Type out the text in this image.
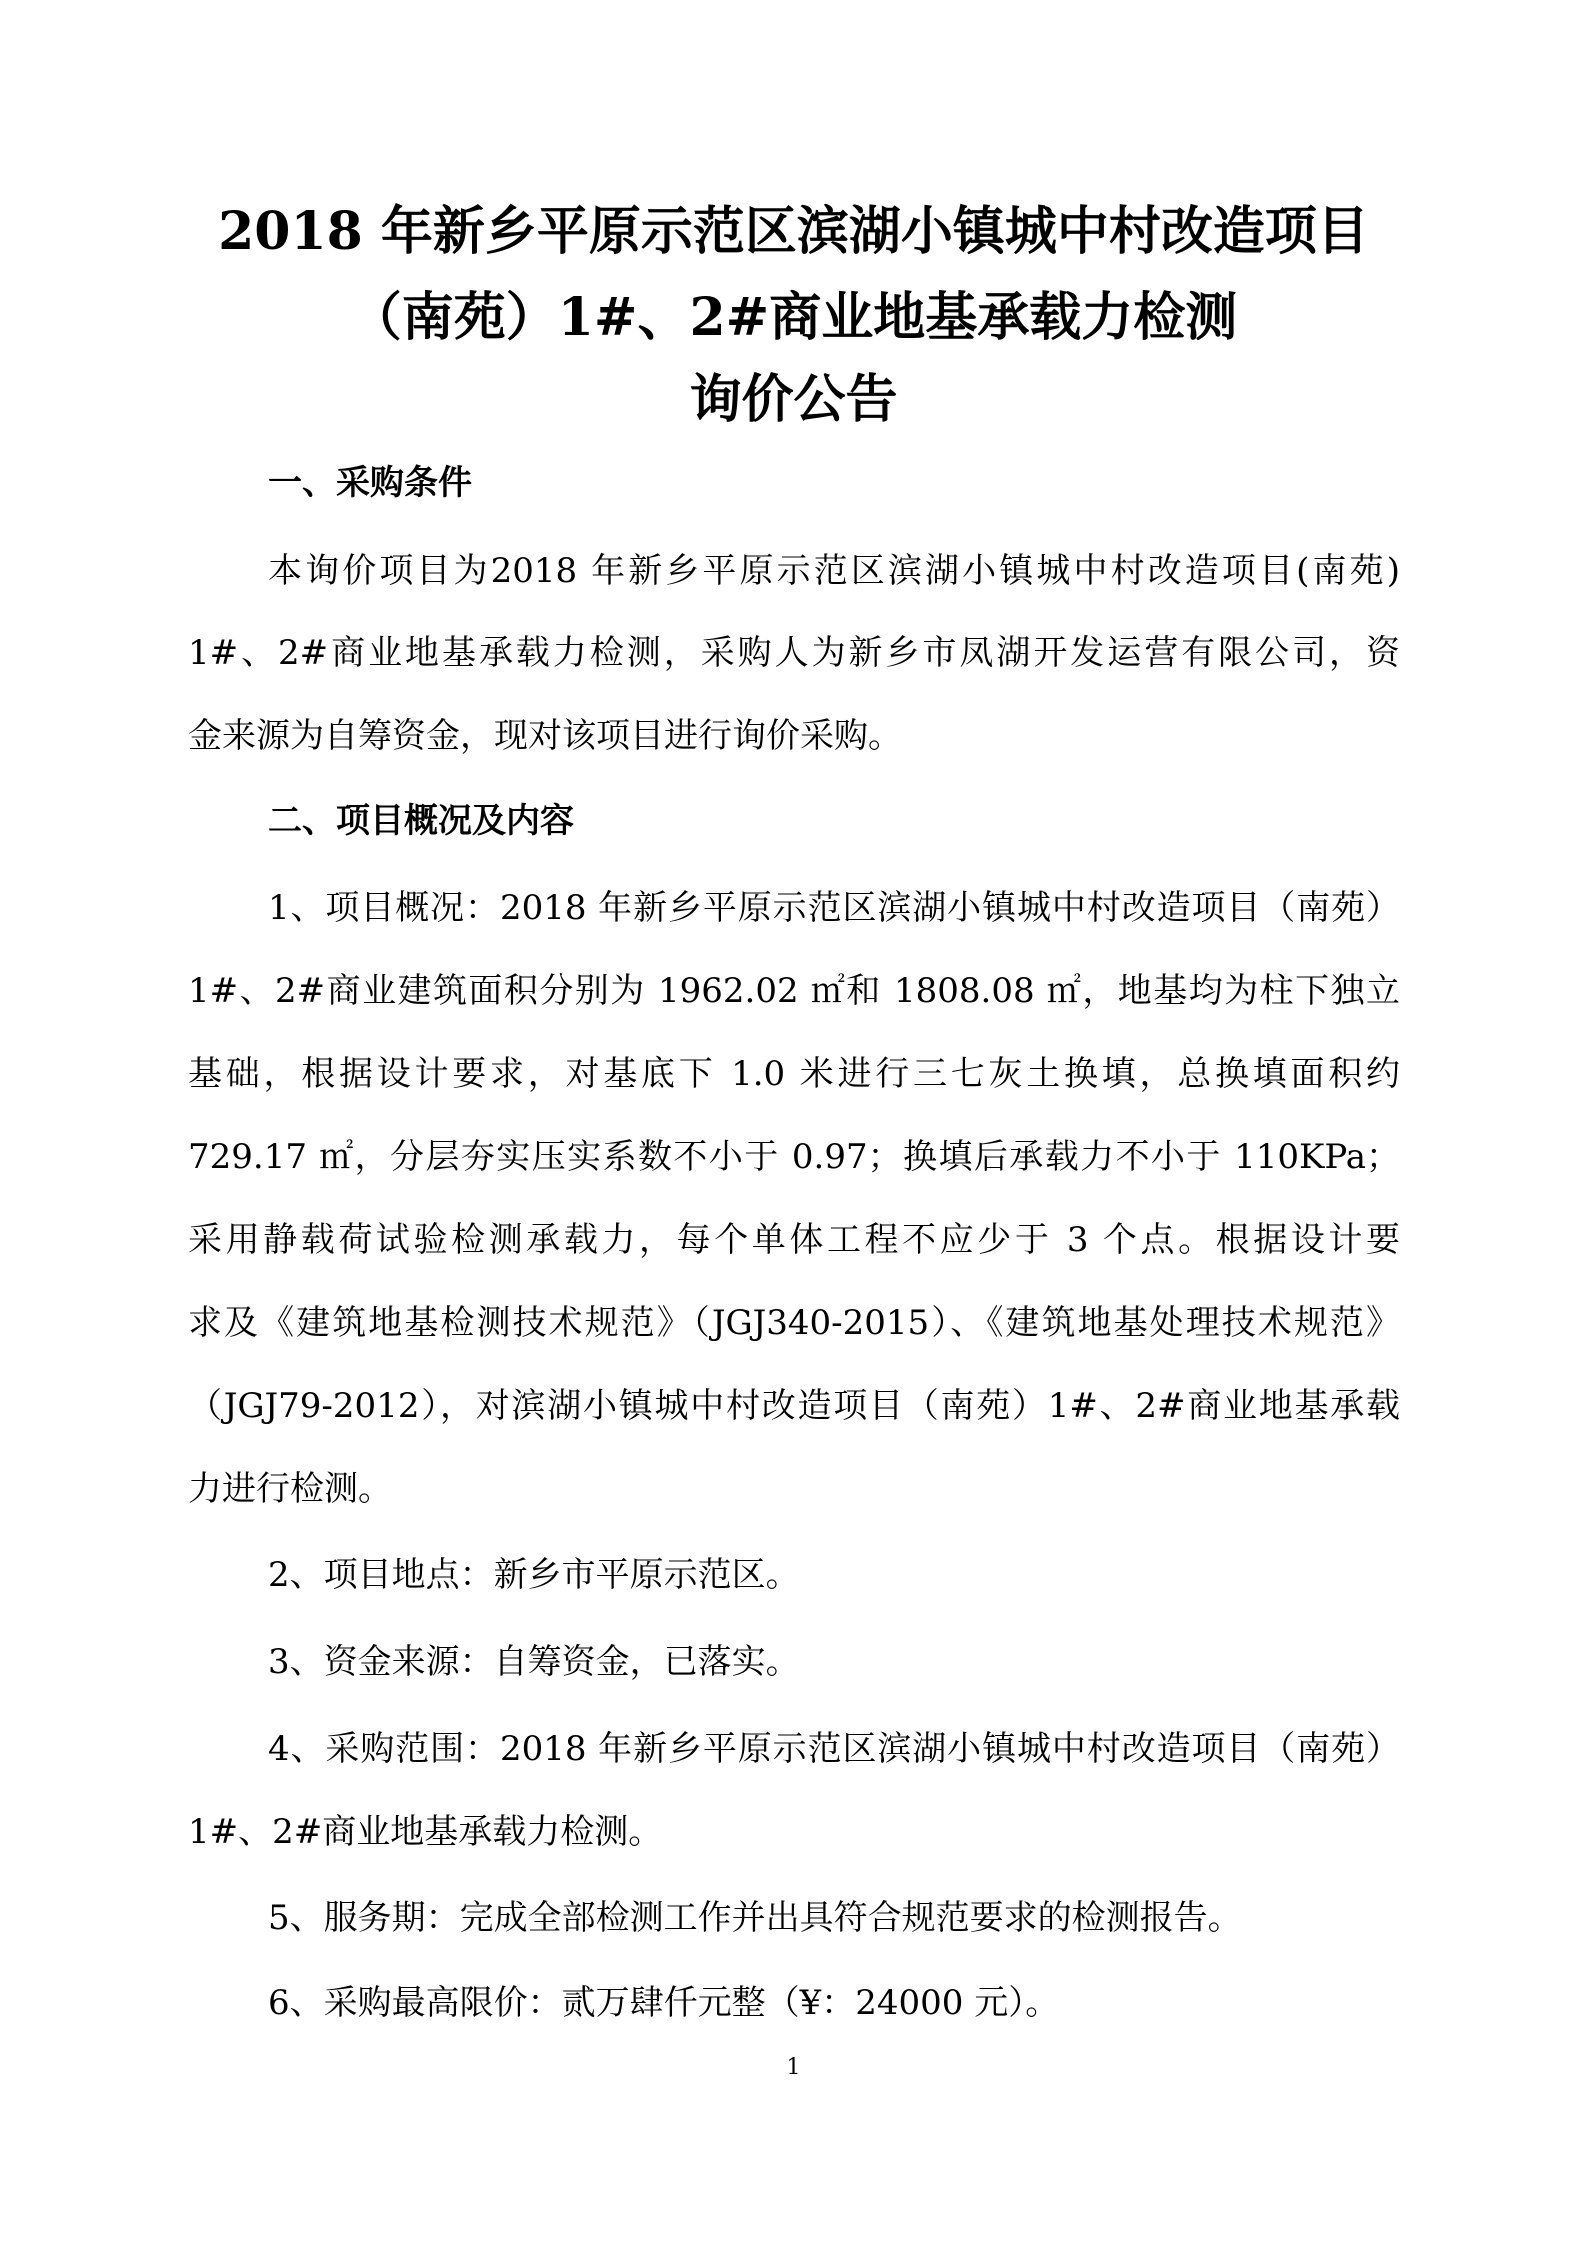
2018 年新乡平原示范区滨湖小镇城中村改造项目
（南苑）1#、2#商业地基承载力检测
询价公告
一、采购条件
本询价项目为2018 年新乡平原示范区滨湖小镇城中村改造项目(南苑)
1#、2#商业地基承载力检测，采购人为新乡市凤湖开发运营有限公司，资
金来源为自筹资金，现对该项目进行询价采购。
二、项目概况及内容
1、项目概况：2018 年新乡平原示范区滨湖小镇城中村改造项目（南苑）
1#、2#商业建筑面积分别为 1962.02 ㎡和 1808.08 ㎡，地基均为柱下独立
基础，根据设计要求，对基底下 1.0 米进行三七灰土换填，总换填面积约
729.17 ㎡，分层夯实压实系数不小于 0.97；换填后承载力不小于 110KPa；
采用静载荷试验检测承载力，每个单体工程不应少于 3 个点。根据设计要
求及《建筑地基检测技术规范》（JGJ340-2015）、《建筑地基处理技术规范》
（JGJ79-2012），对滨湖小镇城中村改造项目（南苑）1#、2#商业地基承载
力进行检测。
2、项目地点：新乡市平原示范区。
3、资金来源：自筹资金，已落实。
4、采购范围：2018 年新乡平原示范区滨湖小镇城中村改造项目（南苑）
1#、2#商业地基承载力检测。
5、服务期：完成全部检测工作并出具符合规范要求的检测报告。
6、采购最高限价：贰万肆仟元整（¥：24000 元）。
1
